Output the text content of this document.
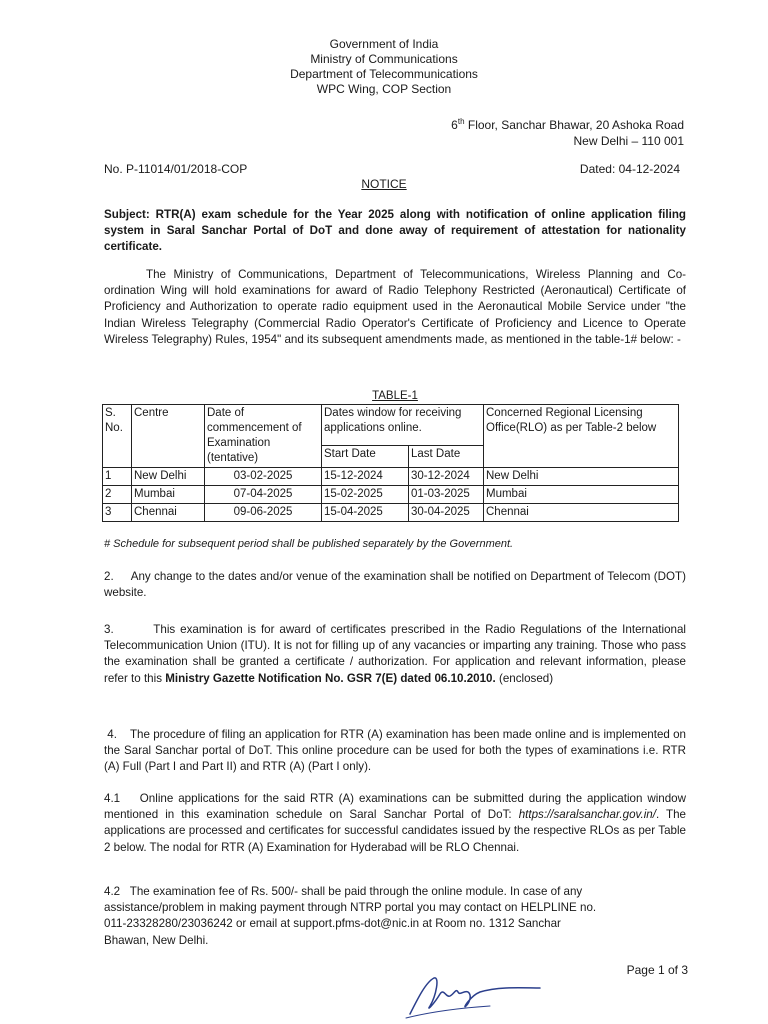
Government of India
Ministry of Communications
Department of Telecommunications
WPC Wing, COP Section
6th Floor, Sanchar Bhawar, 20 Ashoka Road
New Delhi – 110 001
No. P-11014/01/2018-COP	Dated: 04-12-2024
NOTICE
Subject: RTR(A) exam schedule for the Year 2025 along with notification of online application filing system in Saral Sanchar Portal of DoT and done away of requirement of attestation for nationality certificate.
The Ministry of Communications, Department of Telecommunications, Wireless Planning and Co-ordination Wing will hold examinations for award of Radio Telephony Restricted (Aeronautical) Certificate of Proficiency and Authorization to operate radio equipment used in the Aeronautical Mobile Service under "the Indian Wireless Telegraphy (Commercial Radio Operator's Certificate of Proficiency and Licence to Operate Wireless Telegraphy) Rules, 1954" and its subsequent amendments made, as mentioned in the table-1# below: -
TABLE-1
S. No.	Centre	Date of commencement of Examination (tentative)	Dates window for receiving applications online.		Concerned Regional Licensing Office(RLO) as per Table-2 below
			Start Date	Last Date	
1	New Delhi	03-02-2025	15-12-2024	30-12-2024	New Delhi
2	Mumbai	07-04-2025	15-02-2025	01-03-2025	Mumbai
3	Chennai	09-06-2025	15-04-2025	30-04-2025	Chennai
# Schedule for subsequent period shall be published separately by the Government.
2.     Any change to the dates and/or venue of the examination shall be notified on Department of Telecom (DOT) website.
3.        This examination is for award of certificates prescribed in the Radio Regulations of the International Telecommunication Union (ITU). It is not for filling up of any vacancies or imparting any training. Those who pass the examination shall be granted a certificate / authorization. For application and relevant information, please refer to this Ministry Gazette Notification No. GSR 7(E) dated 06.10.2010. (enclosed)
4.    The procedure of filing an application for RTR (A) examination has been made online and is implemented on the Saral Sanchar portal of DoT. This online procedure can be used for both the types of examinations i.e. RTR (A) Full (Part I and Part II) and RTR (A) (Part I only).
4.1    Online applications for the said RTR (A) examinations can be submitted during the application window mentioned in this examination schedule on Saral Sanchar Portal of DoT: https://saralsanchar.gov.in/. The applications are processed and certificates for successful candidates issued by the respective RLOs as per Table 2 below. The nodal for RTR (A) Examination for Hyderabad will be RLO Chennai.
4.2   The examination fee of Rs. 500/- shall be paid through the online module. In case of any
assistance/problem in making payment through NTRP portal you may contact on HELPLINE no.
011-23328280/23036242 or email at support.pfms-dot@nic.in at Room no. 1312 Sanchar
Bhawan, New Delhi.
Page 1 of 3
